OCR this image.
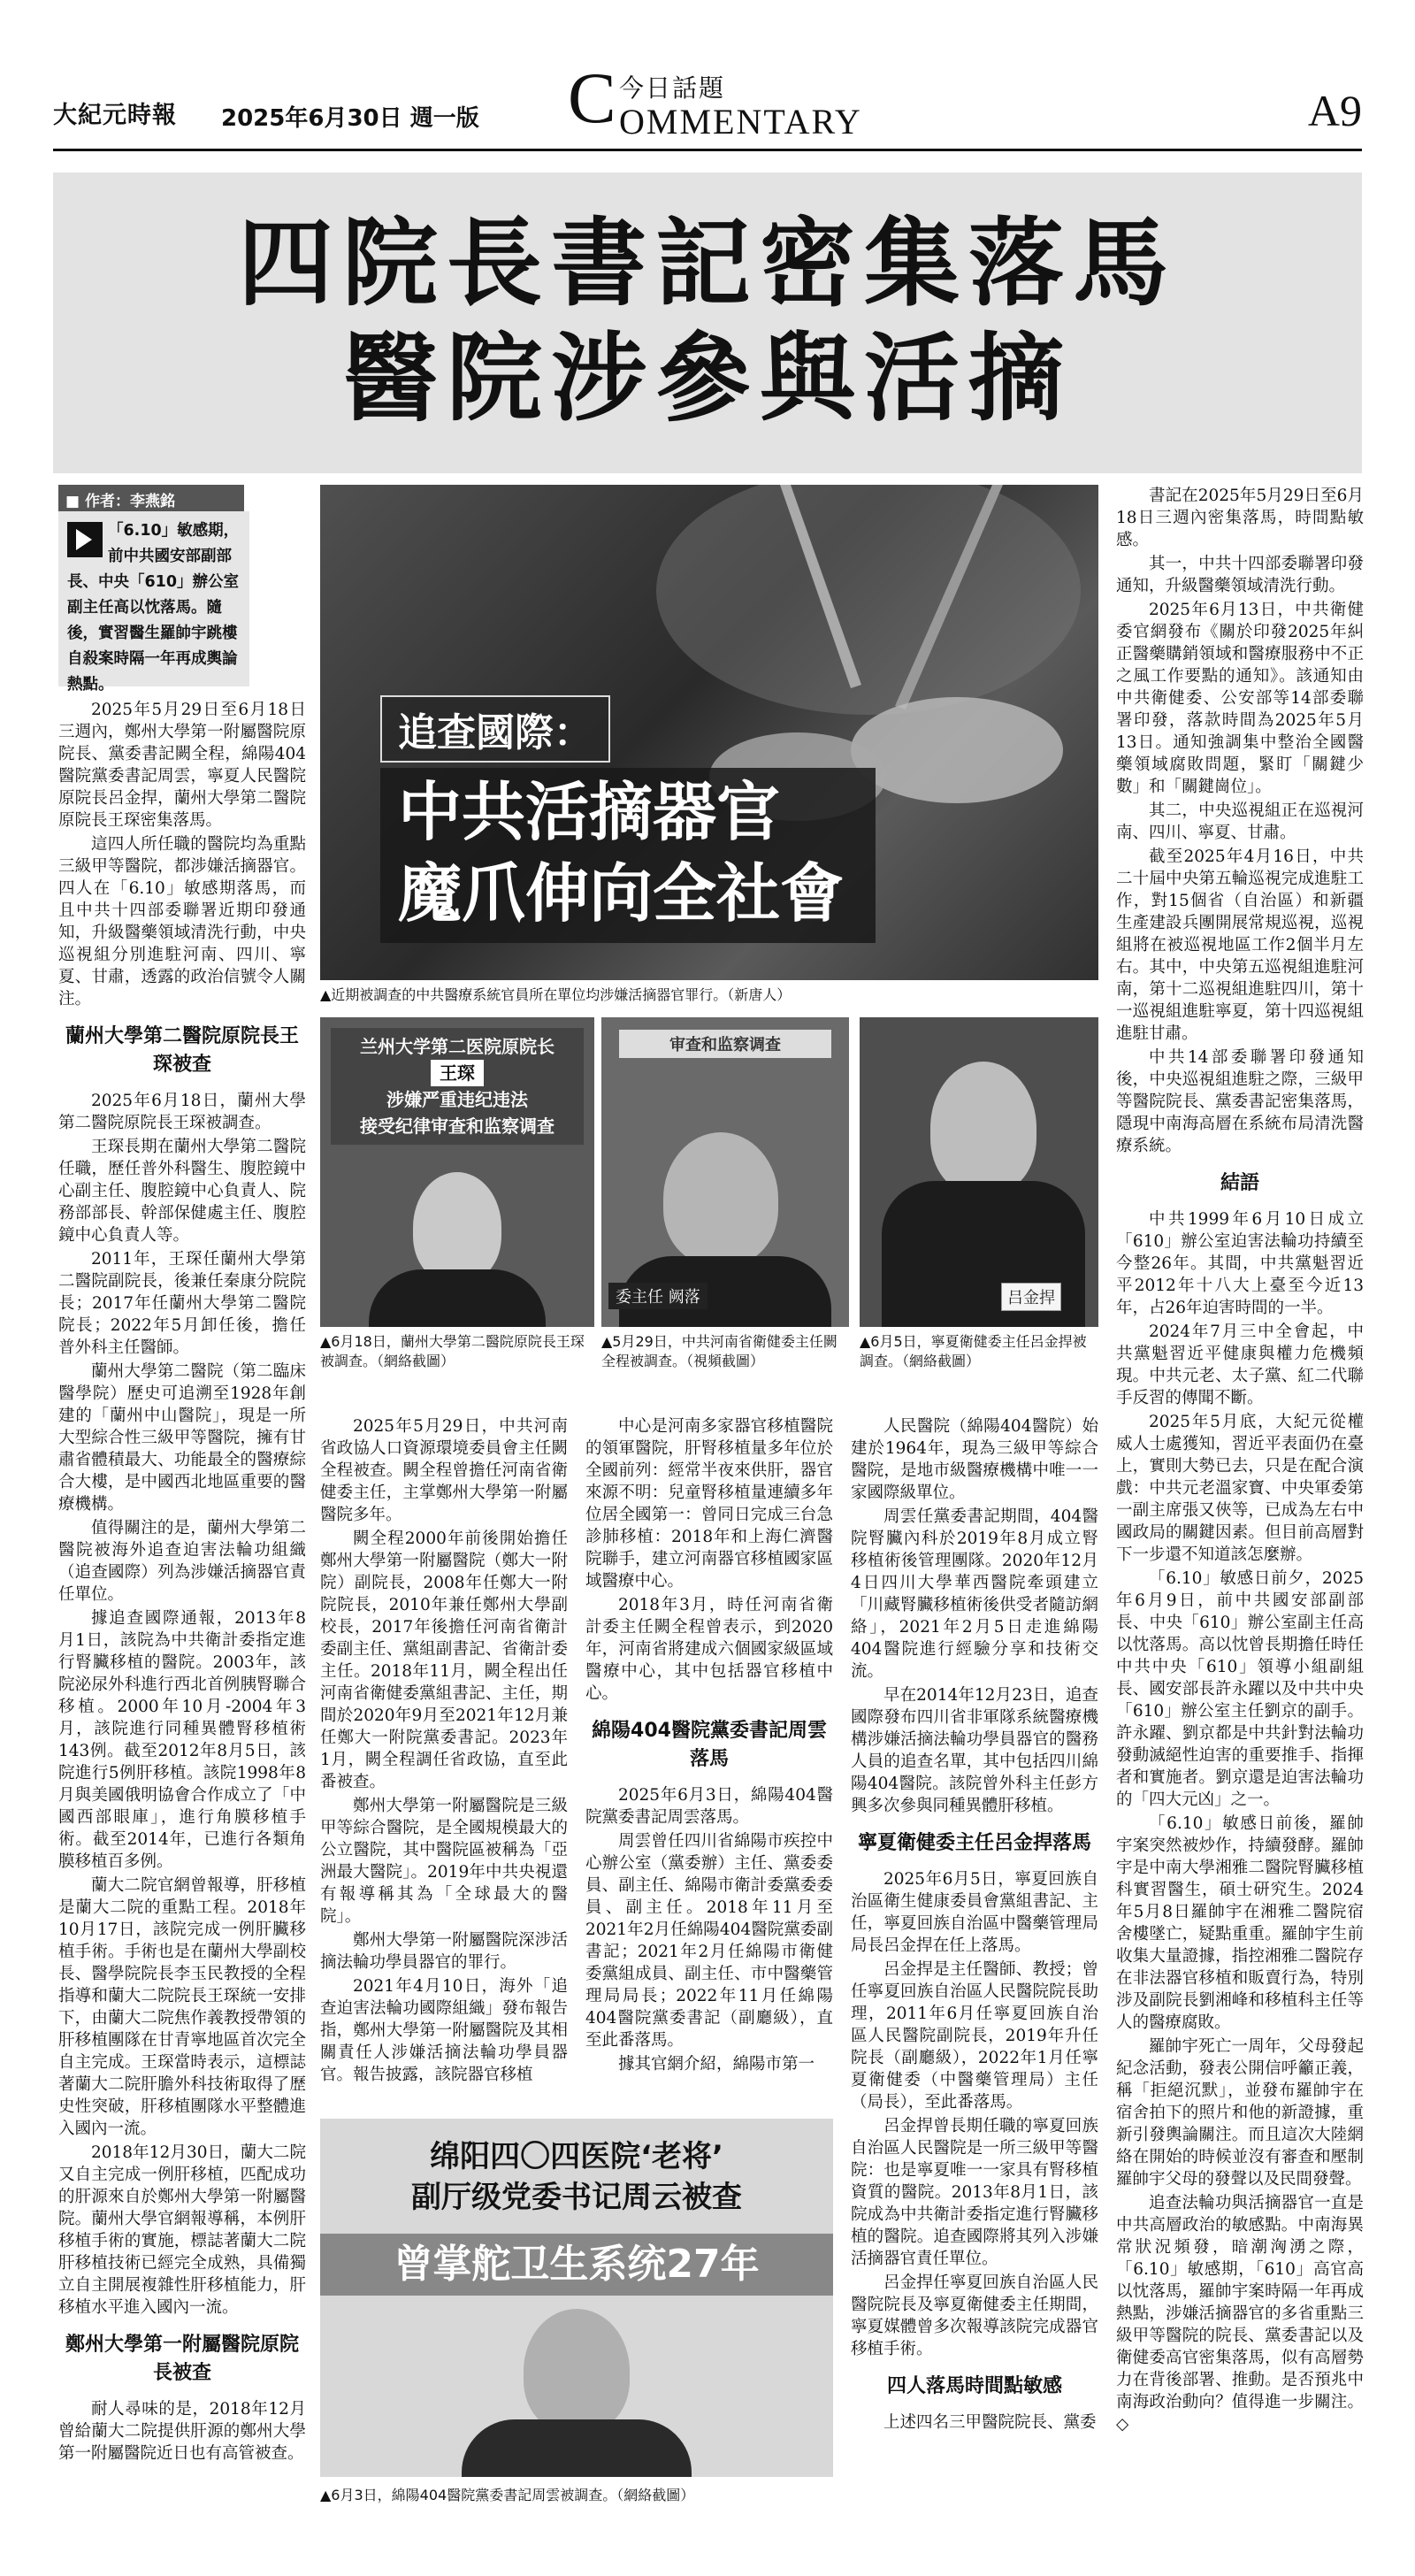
大紀元時報 2025年6月30日 週一版 C 今日話題
OMMENTARY	A9
四院長書記密集落馬
醫院涉參與活摘
■ 作者：李燕銘
「6.10」敏感期，前中共國安部副部長、中央「610」辦公室副主任高以忱落馬。隨後，實習醫生羅帥宇跳樓自殺案時隔一年再成輿論熱點。

2025年5月29日至6月18日三週內，鄭州大學第一附屬醫院原院長、黨委書記闕全程，綿陽404醫院黨委書記周雲，寧夏人民醫院原院長呂金捍，蘭州大學第二醫院原院長王琛密集落馬。

這四人所任職的醫院均為重點三級甲等醫院，都涉嫌活摘器官。四人在「6.10」敏感期落馬，而且中共十四部委聯署近期印發通知，升級醫藥領域清洗行動，中央巡視組分別進駐河南、四川、寧夏、甘肅，透露的政治信號令人關注。

蘭州大學第二醫院原院長王琛被查

2025年6月18日，蘭州大學第二醫院原院長王琛被調查。

王琛長期在蘭州大學第二醫院任職，歷任普外科醫生、腹腔鏡中心副主任、腹腔鏡中心負責人、院務部部長、幹部保健處主任、腹腔鏡中心負責人等。

2011年，王琛任蘭州大學第二醫院副院長，後兼任秦康分院院長；2017年任蘭州大學第二醫院院長；2022年5月卸任後，擔任普外科主任醫師。

蘭州大學第二醫院（第二臨床醫學院）歷史可追溯至1928年創建的「蘭州中山醫院」，現是一所大型綜合性三級甲等醫院，擁有甘肅省體積最大、功能最全的醫療綜合大樓，是中國西北地區重要的醫療機構。

值得關注的是，蘭州大學第二醫院被海外追查迫害法輪功組織（追查國際）列為涉嫌活摘器官責任單位。

據追查國際通報，2013年8月1日，該院為中共衛計委指定進行腎臟移植的醫院。2003年，該院泌尿外科進行西北首例胰腎聯合移植。2000年10月-2004年3月，該院進行同種異體腎移植術143例。截至2012年8月5日，該院進行5例肝移植。該院1998年8月與美國俄明協會合作成立了「中國西部眼庫」，進行角膜移植手術。截至2014年，已進行各類角膜移植百多例。

蘭大二院官網曾報導，肝移植是蘭大二院的重點工程。2018年10月17日，該院完成一例肝臟移植手術。手術也是在蘭州大學副校長、醫學院院長李玉民教授的全程指導和蘭大二院院長王琛統一安排下，由蘭大二院焦作義教授帶領的肝移植團隊在甘青寧地區首次完全自主完成。王琛當時表示，這標誌著蘭大二院肝膽外科技術取得了歷史性突破，肝移植團隊水平整體進入國內一流。

2018年12月30日，蘭大二院又自主完成一例肝移植，匹配成功的肝源來自於鄭州大學第一附屬醫院。蘭州大學官網報導稱，本例肝移植手術的實施，標誌著蘭大二院肝移植技術已經完全成熟，具備獨立自主開展複雜性肝移植能力，肝移植水平進入國內一流。

鄭州大學第一附屬醫院原院長被查

耐人尋味的是，2018年12月曾給蘭大二院提供肝源的鄭州大學第一附屬醫院近日也有高管被查。

追查國際：
中共活摘器官
魔爪伸向全社會
▲近期被調查的中共醫療系統官員所在單位均涉嫌活摘器官罪行。（新唐人）
兰州大学第二医院原院长
王琛
涉嫌严重违纪违法
接受纪律审查和监察调查
▲6月18日，蘭州大學第二醫院原院長王琛被調查。（網絡截圖）
审查和监察调查
委主任 阙落
▲5月29日，中共河南省衛健委主任闕全程被調查。（視頻截圖）
吕金捍
▲6月5日，寧夏衛健委主任呂金捍被調查。（網絡截圖）

2025年5月29日，中共河南省政協人口資源環境委員會主任闕全程被查。闕全程曾擔任河南省衛健委主任，主掌鄭州大學第一附屬醫院多年。

闕全程2000年前後開始擔任鄭州大學第一附屬醫院（鄭大一附院）副院長，2008年任鄭大一附院院長，2010年兼任鄭州大學副校長，2017年後擔任河南省衛計委副主任、黨組副書記、省衛計委主任。2018年11月，闕全程出任河南省衛健委黨組書記、主任，期間於2020年9月至2021年12月兼任鄭大一附院黨委書記。2023年1月，闕全程調任省政協，直至此番被查。

鄭州大學第一附屬醫院是三級甲等綜合醫院，是全國規模最大的公立醫院，其中醫院區被稱為「亞洲最大醫院」。2019年中共央視還有報導稱其為「全球最大的醫院」。

鄭州大學第一附屬醫院深涉活摘法輪功學員器官的罪行。

2021年4月10日，海外「追查迫害法輪功國際組織」發布報告指，鄭州大學第一附屬醫院及其相關責任人涉嫌活摘法輪功學員器官。報告披露，該院器官移植

中心是河南多家器官移植醫院的領軍醫院，肝腎移植量多年位於全國前列：經常半夜來供肝，器官來源不明：兒童腎移植量連續多年位居全國第一：曾同日完成三台急診肺移植：2018年和上海仁濟醫院聯手，建立河南器官移植國家區域醫療中心。

2018年3月，時任河南省衛計委主任闕全程曾表示，到2020年，河南省將建成六個國家級區域醫療中心，其中包括器官移植中心。

綿陽404醫院黨委書記周雲落馬

2025年6月3日，綿陽404醫院黨委書記周雲落馬。

周雲曾任四川省綿陽市疾控中心辦公室（黨委辦）主任、黨委委員、副主任、綿陽市衛計委黨委委員、副主任。2018年11月至2021年2月任綿陽404醫院黨委副書記；2021年2月任綿陽市衛健委黨組成員、副主任、市中醫藥管理局局長；2022年11月任綿陽404醫院黨委書記（副廳級），直至此番落馬。

據其官網介紹，綿陽市第一

绵阳四〇四医院‘老将’
副厅级党委书记周云被查
曾掌舵卫生系统27年
▲6月3日，綿陽404醫院黨委書記周雲被調查。（網絡截圖）

人民醫院（綿陽404醫院）始建於1964年，現為三級甲等綜合醫院，是地市級醫療機構中唯一一家國際級單位。

周雲任黨委書記期間，404醫院腎臟內科於2019年8月成立腎移植術後管理團隊。2020年12月4日四川大學華西醫院牽頭建立「川藏腎臟移植術後供受者隨訪網絡」，2021年2月5日走進綿陽404醫院進行經驗分享和技術交流。

早在2014年12月23日，追查國際發布四川省非軍隊系統醫療機構涉嫌活摘法輪功學員器官的醫務人員的追查名單，其中包括四川綿陽404醫院。該院曾外科主任彭方興多次參與同種異體肝移植。

寧夏衛健委主任呂金捍落馬

2025年6月5日，寧夏回族自治區衛生健康委員會黨組書記、主任，寧夏回族自治區中醫藥管理局局長呂金捍在任上落馬。

呂金捍是主任醫師、教授；曾任寧夏回族自治區人民醫院院長助理，2011年6月任寧夏回族自治區人民醫院副院長，2019年升任院長（副廳級），2022年1月任寧夏衛健委（中醫藥管理局）主任（局長），至此番落馬。

呂金捍曾長期任職的寧夏回族自治區人民醫院是一所三級甲等醫院：也是寧夏唯一一家具有腎移植資質的醫院。2013年8月1日，該院成為中共衛計委指定進行腎臟移植的醫院。追查國際將其列入涉嫌活摘器官責任單位。

呂金捍任寧夏回族自治區人民醫院院長及寧夏衛健委主任期間，寧夏媒體曾多次報導該院完成器官移植手術。

四人落馬時間點敏感

上述四名三甲醫院院長、黨委

書記在2025年5月29日至6月18日三週內密集落馬，時間點敏感。

其一，中共十四部委聯署印發通知，升級醫藥領域清洗行動。

2025年6月13日，中共衛健委官網發布《關於印發2025年糾正醫藥購銷領域和醫療服務中不正之風工作要點的通知》。該通知由中共衛健委、公安部等14部委聯署印發，落款時間為2025年5月13日。通知強調集中整治全國醫藥領域腐敗問題，緊盯「關鍵少數」和「關鍵崗位」。

其二，中央巡視組正在巡視河南、四川、寧夏、甘肅。

截至2025年4月16日，中共二十屆中央第五輪巡視完成進駐工作，對15個省（自治區）和新疆生產建設兵團開展常規巡視，巡視組將在被巡視地區工作2個半月左右。其中，中央第五巡視組進駐河南，第十二巡視組進駐四川，第十一巡視組進駐寧夏，第十四巡視組進駐甘肅。

中共14部委聯署印發通知後，中央巡視組進駐之際，三級甲等醫院院長、黨委書記密集落馬，隱現中南海高層在系統布局清洗醫療系統。

結語

中共1999年6月10日成立「610」辦公室迫害法輪功持續至今整26年。其間，中共黨魁習近平2012年十八大上臺至今近13年，占26年迫害時間的一半。

2024年7月三中全會起，中共黨魁習近平健康與權力危機頻現。中共元老、太子黨、紅二代聯手反習的傳聞不斷。

2025年5月底，大紀元從權威人士處獲知，習近平表面仍在臺上，實則大勢已去，只是在配合演戲：中共元老溫家寶、中央軍委第一副主席張又俠等，已成為左右中國政局的關鍵因素。但目前高層對下一步還不知道該怎麼辦。

「6.10」敏感日前夕，2025年6月9日，前中共國安部副部長、中央「610」辦公室副主任高以忱落馬。高以忱曾長期擔任時任中共中央「610」領導小組副組長、國安部長許永躍以及中共中央「610」辦公室主任劉京的副手。許永躍、劉京都是中共針對法輪功發動滅絕性迫害的重要推手、指揮者和實施者。劉京還是迫害法輪功的「四大元凶」之一。

「6.10」敏感日前後，羅帥宇案突然被炒作，持續發酵。羅帥宇是中南大學湘雅二醫院腎臟移植科實習醫生，碩士研究生。2024年5月8日羅帥宇在湘雅二醫院宿舍樓墜亡，疑點重重。羅帥宇生前收集大量證據，指控湘雅二醫院存在非法器官移植和販賣行為，特別涉及副院長劉湘峰和移植科主任等人的醫療腐敗。

羅帥宇死亡一周年，父母發起紀念活動，發表公開信呼籲正義，稱「拒絕沉默」，並發布羅帥宇在宿舍拍下的照片和他的新證據，重新引發輿論關注。而且這次大陸網絡在開始的時候並沒有審查和壓制羅帥宇父母的發聲以及民間發聲。

追查法輪功與活摘器官一直是中共高層政治的敏感點。中南海異常狀況頻發，暗潮洶湧之際，「6.10」敏感期，「610」高官高以忱落馬，羅帥宇案時隔一年再成熱點，涉嫌活摘器官的多省重點三級甲等醫院的院長、黨委書記以及衛健委高官密集落馬，似有高層勢力在背後部署、推動。是否預兆中南海政治動向？值得進一步關注。◇
